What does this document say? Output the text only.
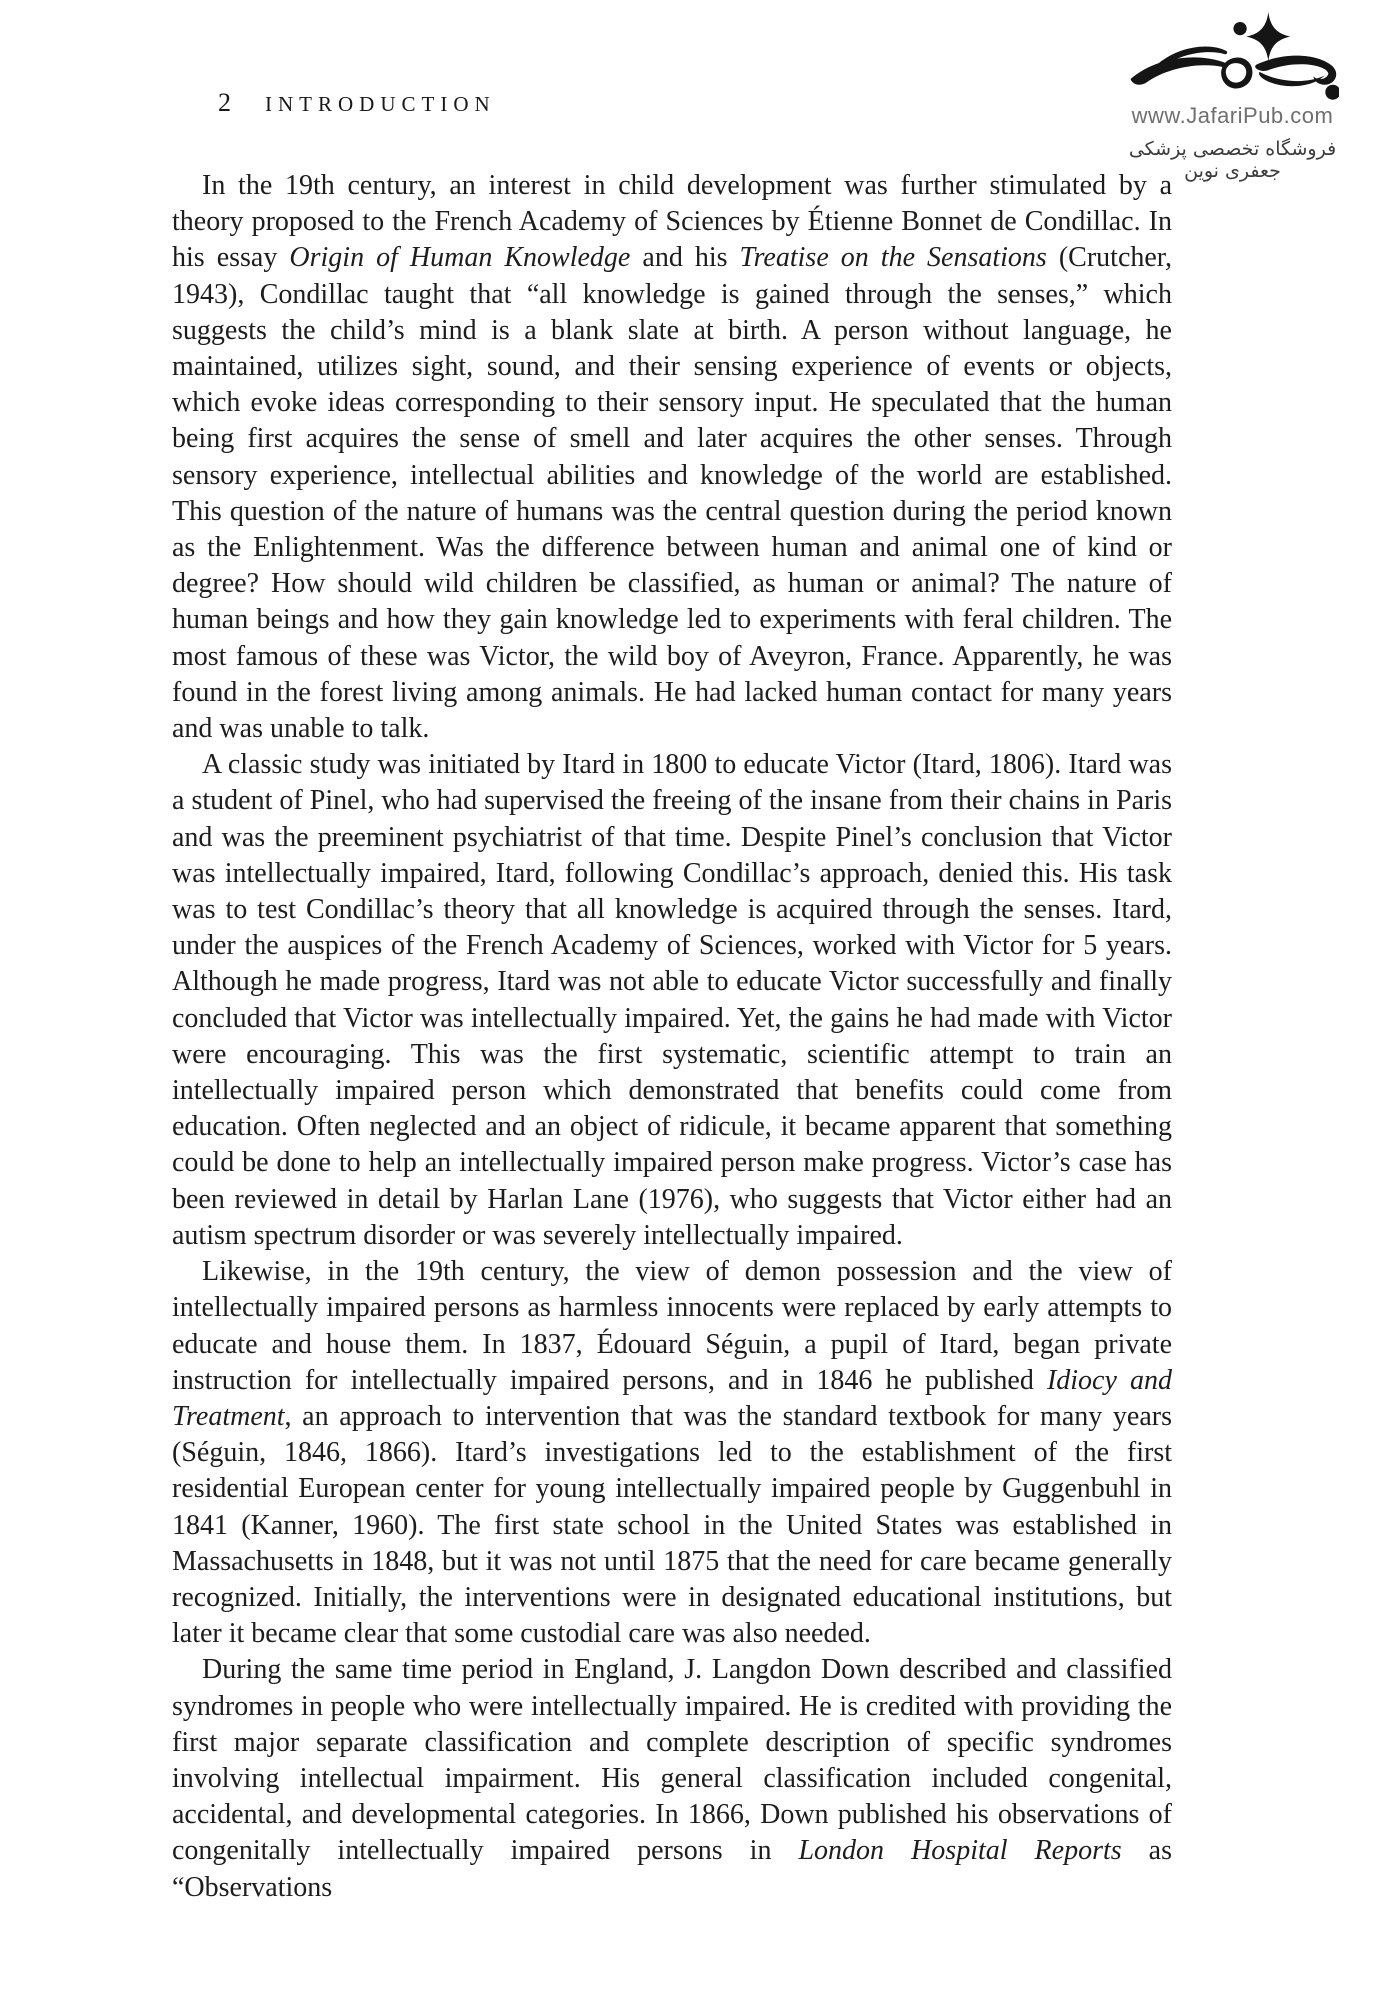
2 INTRODUCTION	www.JafariPub.com
فروشگاه تخصصی پزشکی جعفری نوین

In the 19th century, an interest in child development was further stimulated by a theory proposed to the French Academy of Sciences by Étienne Bonnet de Condillac. In his essay Origin of Human Knowledge and his Treatise on the Sensations (Crutcher, 1943), Condillac taught that “all knowledge is gained through the senses,” which suggests the child’s mind is a blank slate at birth. A person without language, he maintained, utilizes sight, sound, and their sensing experience of events or objects, which evoke ideas corresponding to their sensory input. He speculated that the human being first acquires the sense of smell and later acquires the other senses. Through sensory experience, intellectual abilities and knowledge of the world are established. This question of the nature of humans was the central question during the period known as the Enlightenment. Was the difference between human and animal one of kind or degree? How should wild children be classified, as human or animal? The nature of human beings and how they gain knowledge led to experiments with feral children. The most famous of these was Victor, the wild boy of Aveyron, France. Apparently, he was found in the forest living among animals. He had lacked human contact for many years and was unable to talk.

A classic study was initiated by Itard in 1800 to educate Victor (Itard, 1806). Itard was a student of Pinel, who had supervised the freeing of the insane from their chains in Paris and was the preeminent psychiatrist of that time. Despite Pinel’s conclusion that Victor was intellectually impaired, Itard, following Condillac’s approach, denied this. His task was to test Condillac’s theory that all knowledge is acquired through the senses. Itard, under the auspices of the French Academy of Sciences, worked with Victor for 5 years. Although he made progress, Itard was not able to educate Victor successfully and finally concluded that Victor was intellectually impaired. Yet, the gains he had made with Victor were encouraging. This was the first systematic, scientific attempt to train an intellectually impaired person which demonstrated that benefits could come from education. Often neglected and an object of ridicule, it became apparent that something could be done to help an intellectually impaired person make progress. Victor’s case has been reviewed in detail by Harlan Lane (1976), who suggests that Victor either had an autism spectrum disorder or was severely intellectually impaired.

Likewise, in the 19th century, the view of demon possession and the view of intellectually impaired persons as harmless innocents were replaced by early attempts to educate and house them. In 1837, Édouard Séguin, a pupil of Itard, began private instruction for intellectually impaired persons, and in 1846 he published Idiocy and Treatment, an approach to intervention that was the standard textbook for many years (Séguin, 1846, 1866). Itard’s investigations led to the establishment of the first residential European center for young intellectually impaired people by Guggenbuhl in 1841 (Kanner, 1960). The first state school in the United States was established in Massachusetts in 1848, but it was not until 1875 that the need for care became generally recognized. Initially, the interventions were in designated educational institutions, but later it became clear that some custodial care was also needed.

During the same time period in England, J. Langdon Down described and classified syndromes in people who were intellectually impaired. He is credited with providing the first major separate classification and complete description of specific syndromes involving intellectual impairment. His general classification included congenital, accidental, and developmental categories. In 1866, Down published his observations of congenitally intellectually impaired persons in London Hospital Reports as “Observations
